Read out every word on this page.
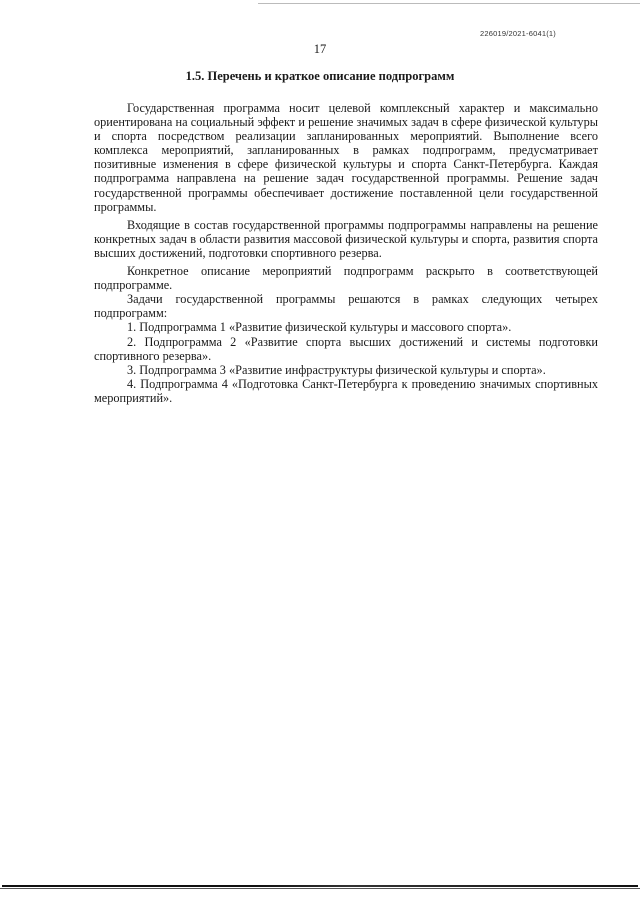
226019/2021-6041(1)
17
1.5. Перечень и краткое описание подпрограмм

Государственная программа носит целевой комплексный характер и максимально ориентирована на социальный эффект и решение значимых задач в сфере физической культуры и спорта посредством реализации запланированных мероприятий. Выполнение всего комплекса мероприятий, запланированных в рамках подпрограмм, предусматривает позитивные изменения в сфере физической культуры и спорта Санкт-Петербурга. Каждая подпрограмма направлена на решение задач государственной программы. Решение задач государственной программы обеспечивает достижение поставленной цели государственной программы.

Входящие в состав государственной программы подпрограммы направлены на решение конкретных задач в области развития массовой физической культуры и спорта, развития спорта высших достижений, подготовки спортивного резерва.

Конкретное описание мероприятий подпрограмм раскрыто в соответствующей подпрограмме.

Задачи государственной программы решаются в рамках следующих четырех подпрограмм:

1. Подпрограмма 1 «Развитие физической культуры и массового спорта».

2. Подпрограмма 2 «Развитие спорта высших достижений и системы подготовки спортивного резерва».

3. Подпрограмма 3 «Развитие инфраструктуры физической культуры и спорта».

4. Подпрограмма 4 «Подготовка Санкт-Петербурга к проведению значимых спортивных мероприятий».
